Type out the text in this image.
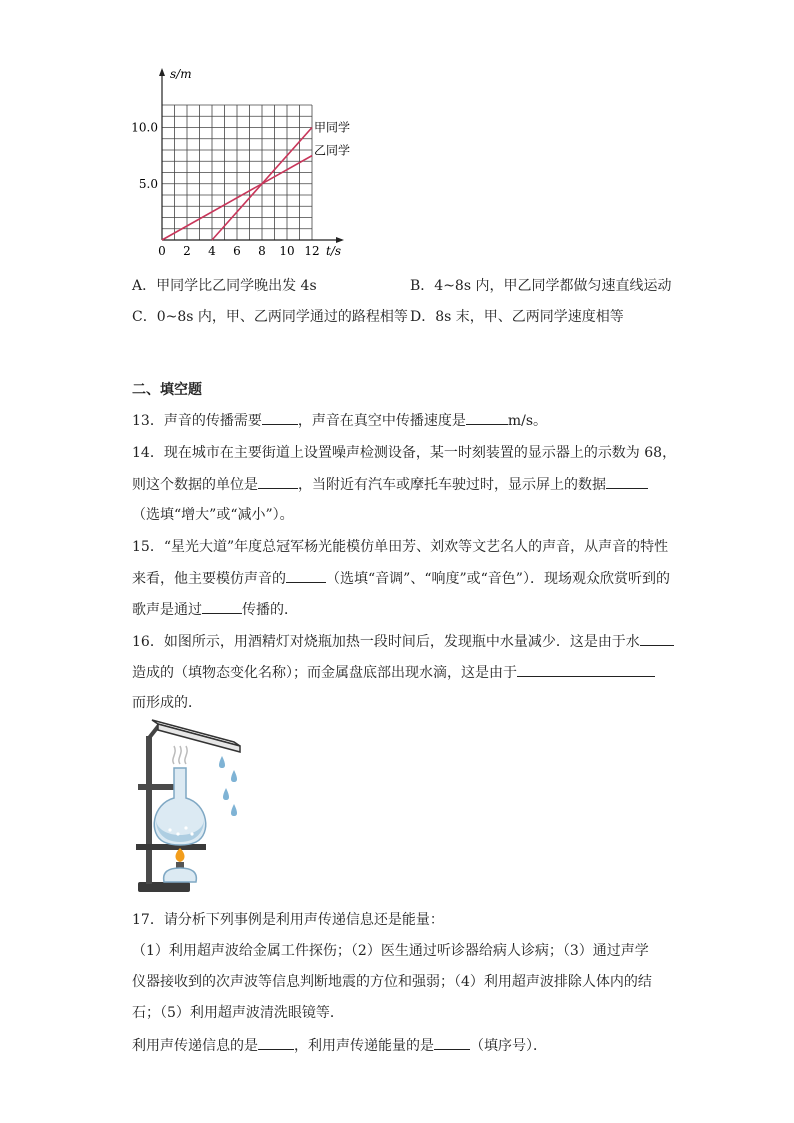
0 2 4 6 8 10 12
5.0
10.0
s/m
t/s
甲同学
乙同学
A．甲同学比乙同学晚出发 4s	B．4~8s 内，甲乙同学都做匀速直线运动
C．0~8s 内，甲、乙两同学通过的路程相等 D．8s 末，甲、乙两同学速度相等
二、填空题
13．声音的传播需要	，声音在真空中传播速度是	m/s。
14．现在城市在主要街道上设置噪声检测设备，某一时刻装置的显示器上的示数为 68，
则这个数据的单位是	，当附近有汽车或摩托车驶过时，显示屏上的数据
（选填“增大”或“减小”）。
15．“星光大道”年度总冠军杨光能模仿单田芳、刘欢等文艺名人的声音，从声音的特性
来看，他主要模仿声音的	（选填“音调”、“响度”或“音色”）．现场观众欣赏听到的
歌声是通过	传播的．
16．如图所示，用酒精灯对烧瓶加热一段时间后，发现瓶中水量减少．这是由于水
造成的（填物态变化名称）；而金属盘底部出现水滴，这是由于
而形成的．
17．请分析下列事例是利用声传递信息还是能量：
（1）利用超声波给金属工件探伤；（2）医生通过听诊器给病人诊病；（3）通过声学
仪器接收到的次声波等信息判断地震的方位和强弱；（4）利用超声波排除人体内的结
石；（5）利用超声波清洗眼镜等．
利用声传递信息的是	，利用声传递能量的是	（填序号）．
